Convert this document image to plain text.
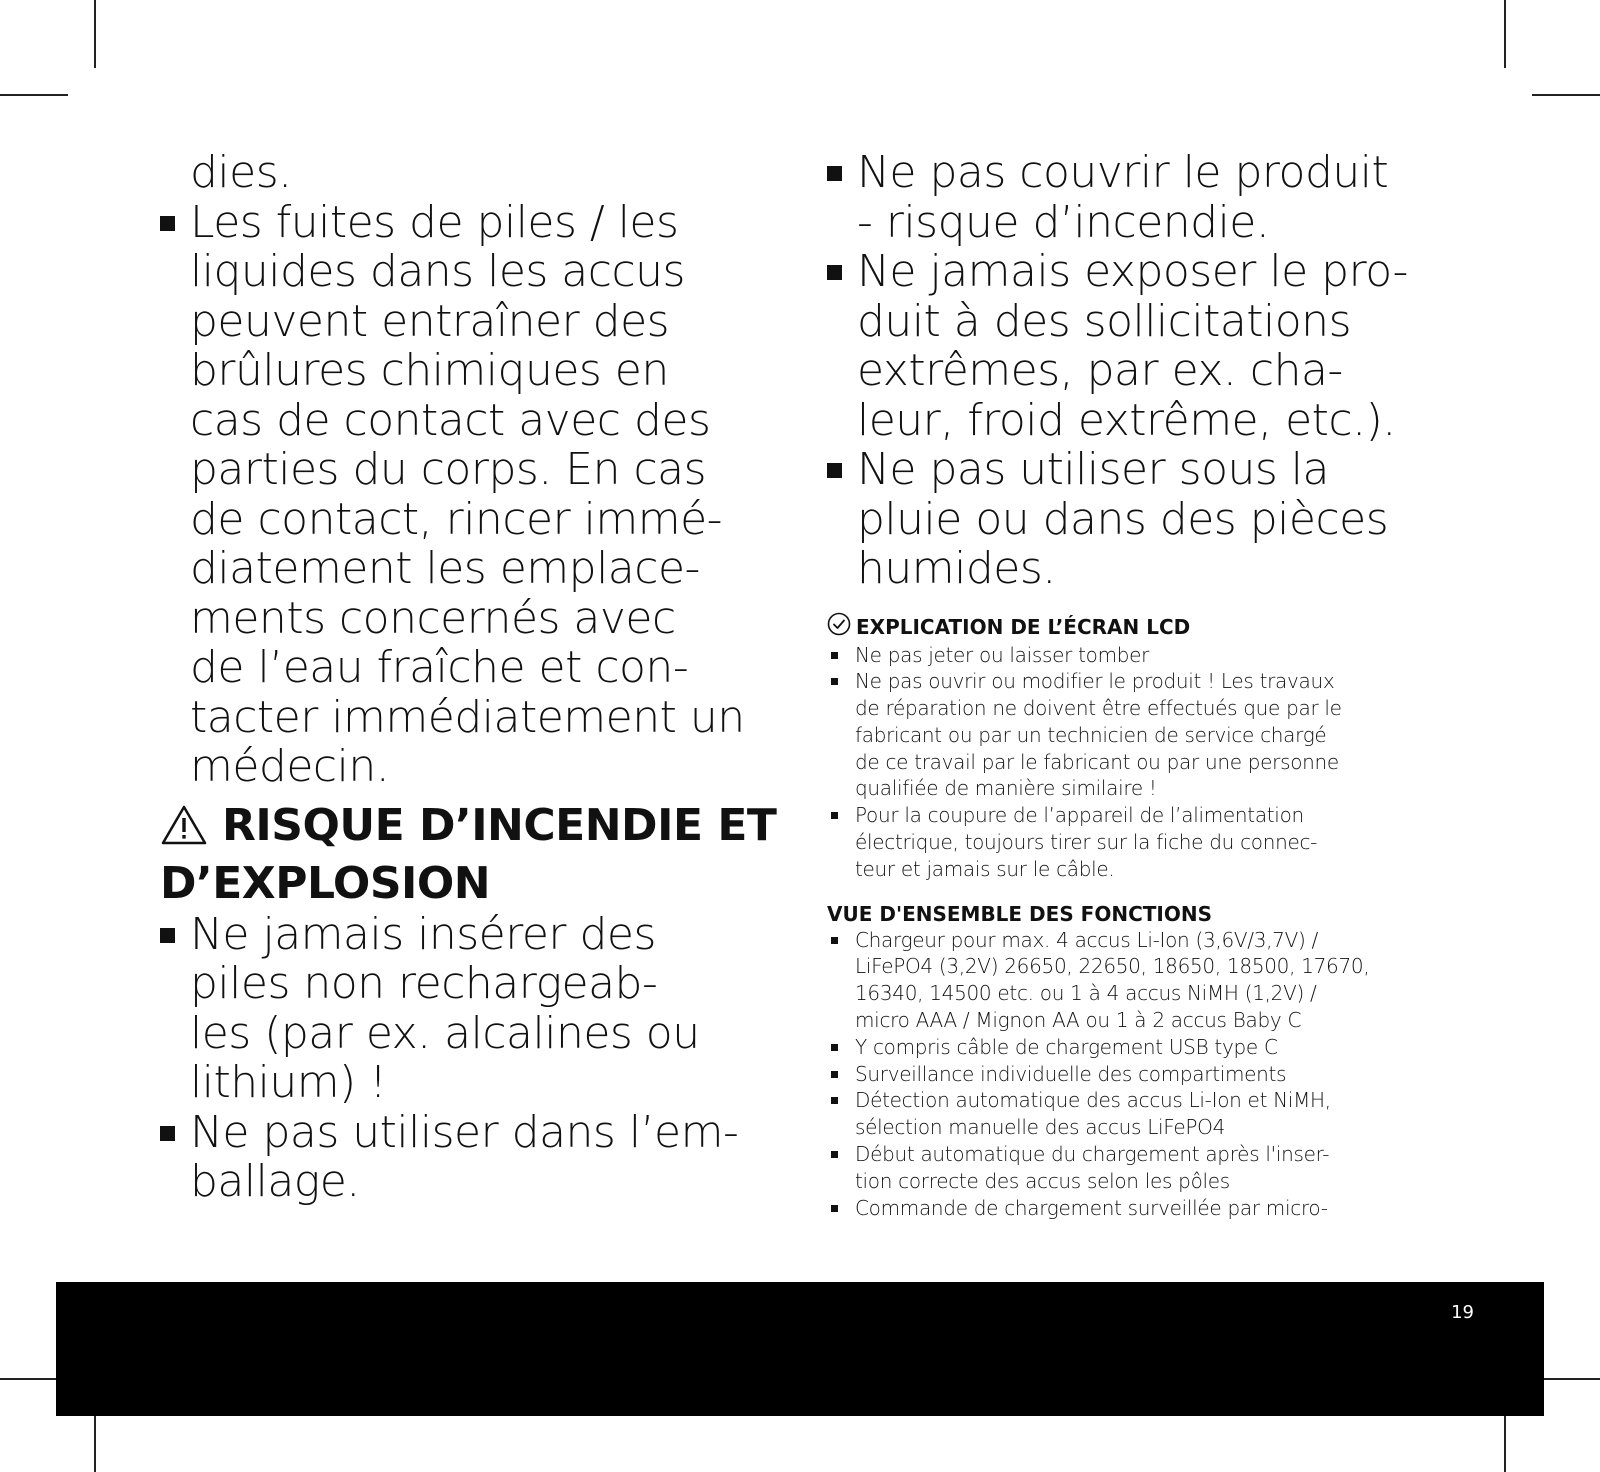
dies.
Les fuites de piles / les
liquides dans les accus
peuvent entraîner des
brûlures chimiques en
cas de contact avec des
parties du corps. En cas
de contact, rincer immé-
diatement les emplace-
ments concernés avec
de l’eau fraîche et con-
tacter immédiatement un
médecin.
RISQUE D’INCENDIE ET
D’EXPLOSION
Ne jamais insérer des
piles non rechargeab-
les (par ex. alcalines ou
lithium) !
Ne pas utiliser dans l’em-
ballage.
Ne pas couvrir le produit
- risque d’incendie.
Ne jamais exposer le pro-
duit à des sollicitations
extrêmes, par ex. cha-
leur, froid extrême, etc.).
Ne pas utiliser sous la
pluie ou dans des pièces
humides.
EXPLICATION DE L’ÉCRAN LCD
Ne pas jeter ou laisser tomber
Ne pas ouvrir ou modifier le produit ! Les travaux
de réparation ne doivent être effectués que par le
fabricant ou par un technicien de service chargé
de ce travail par le fabricant ou par une personne
qualifiée de manière similaire !
Pour la coupure de l’appareil de l’alimentation
électrique, toujours tirer sur la fiche du connec-
teur et jamais sur le câble.
VUE D'ENSEMBLE DES FONCTIONS
Chargeur pour max. 4 accus Li-Ion (3,6V/3,7V) /
LiFePO4 (3,2V) 26650, 22650, 18650, 18500, 17670,
16340, 14500 etc. ou 1 à 4 accus NiMH (1,2V) /
micro AAA / Mignon AA ou 1 à 2 accus Baby C
Y compris câble de chargement USB type C
Surveillance individuelle des compartiments
Détection automatique des accus Li-Ion et NiMH,
sélection manuelle des accus LiFePO4
Début automatique du chargement après l'inser-
tion correcte des accus selon les pôles
Commande de chargement surveillée par micro-
19
